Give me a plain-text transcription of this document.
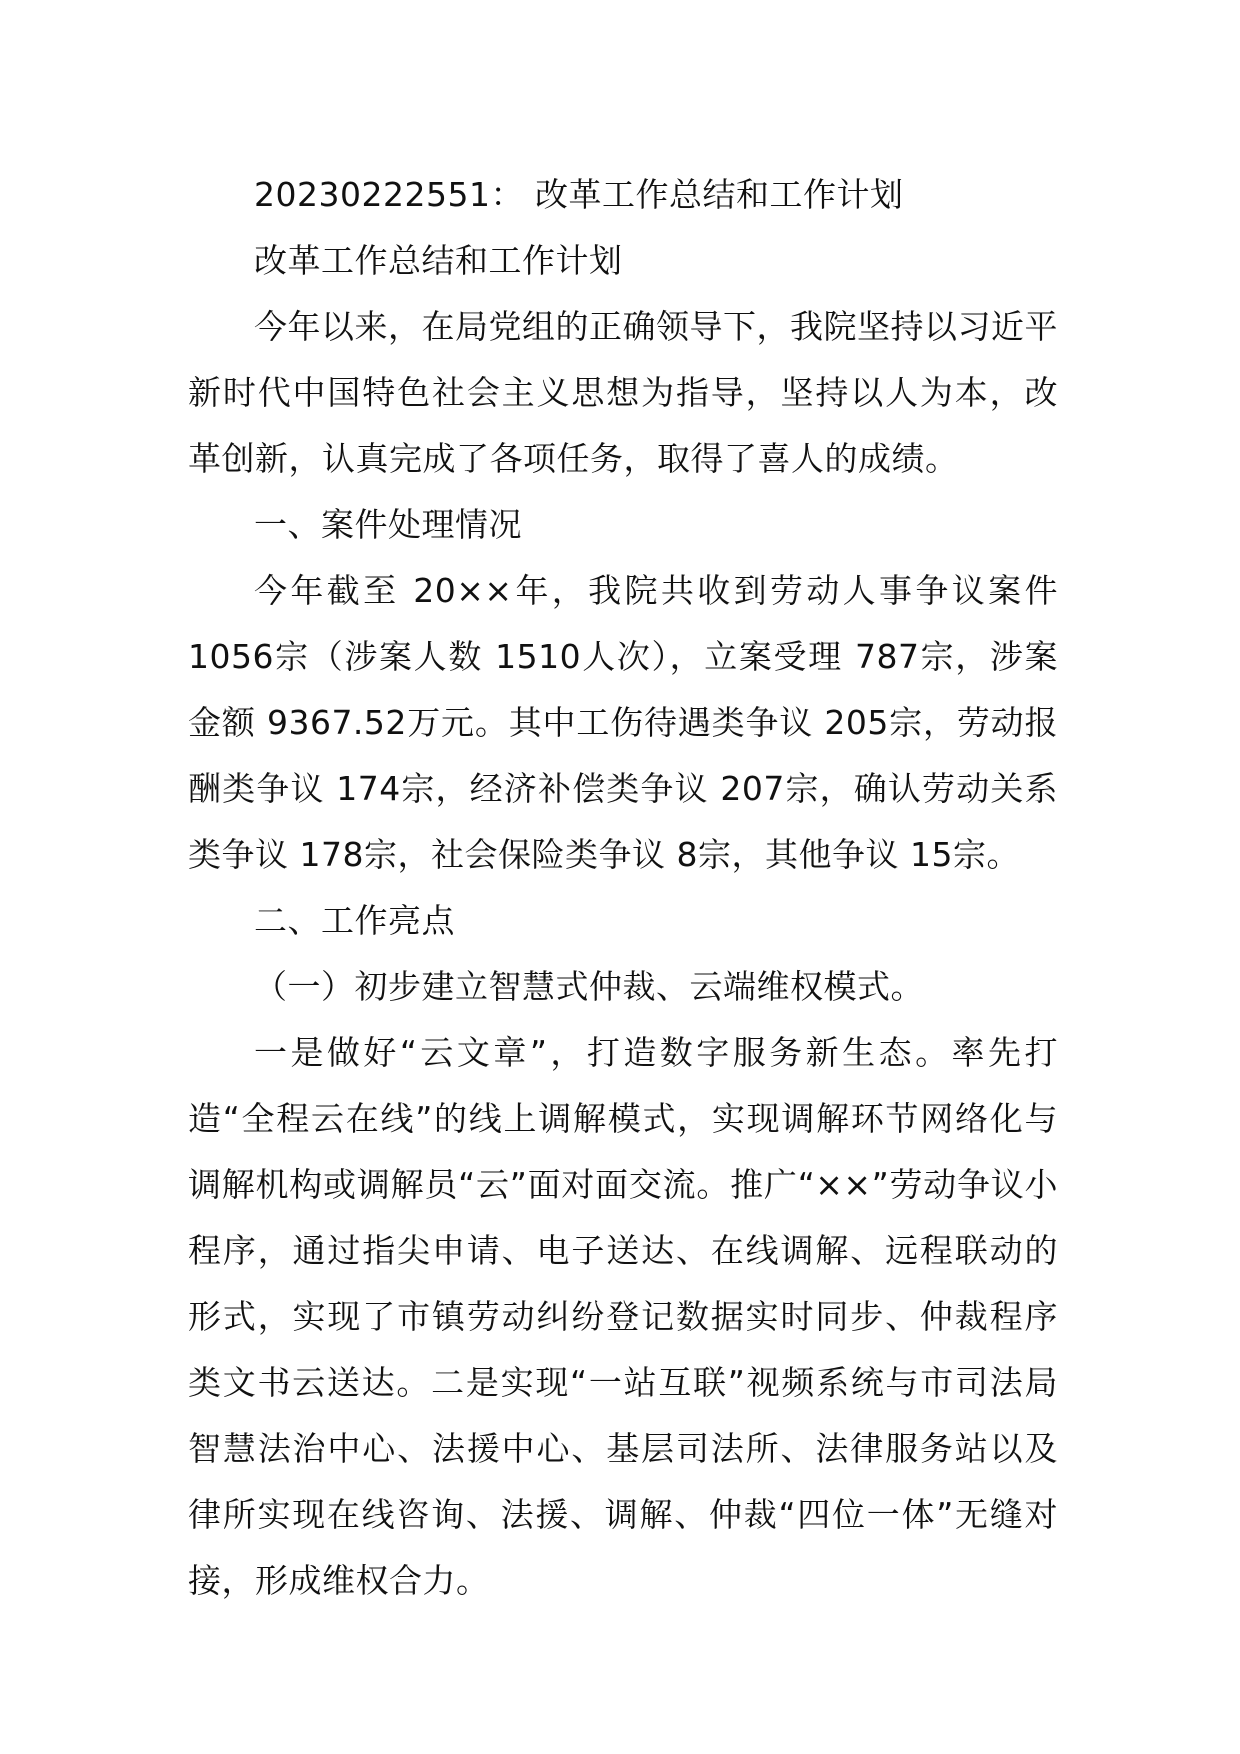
20230222551： 改革工作总结和工作计划

改革工作总结和工作计划

今年以来，在局党组的正确领导下，我院坚持以习近平新时代中国特色社会主义思想为指导，坚持以人为本，改革创新，认真完成了各项任务，取得了喜人的成绩。

一、案件处理情况

今年截至 20××年，我院共收到劳动人事争议案件 1056宗（涉案人数 1510人次），立案受理 787宗，涉案金额 9367.52万元。其中工伤待遇类争议 205宗，劳动报酬类争议 174宗，经济补偿类争议 207宗，确认劳动关系类争议 178宗，社会保险类争议 8宗，其他争议 15宗。

二、工作亮点

（一）初步建立智慧式仲裁、云端维权模式。

一是做好“云文章”，打造数字服务新生态。率先打造“全程云在线”的线上调解模式，实现调解环节网络化与调解机构或调解员“云”面对面交流。推广“××”劳动争议小程序，通过指尖申请、电子送达、在线调解、远程联动的形式，实现了市镇劳动纠纷登记数据实时同步、仲裁程序类文书云送达。二是实现“一站互联”视频系统与市司法局智慧法治中心、法援中心、基层司法所、法律服务站以及律所实现在线咨询、法援、调解、仲裁“四位一体”无缝对接，形成维权合力。
